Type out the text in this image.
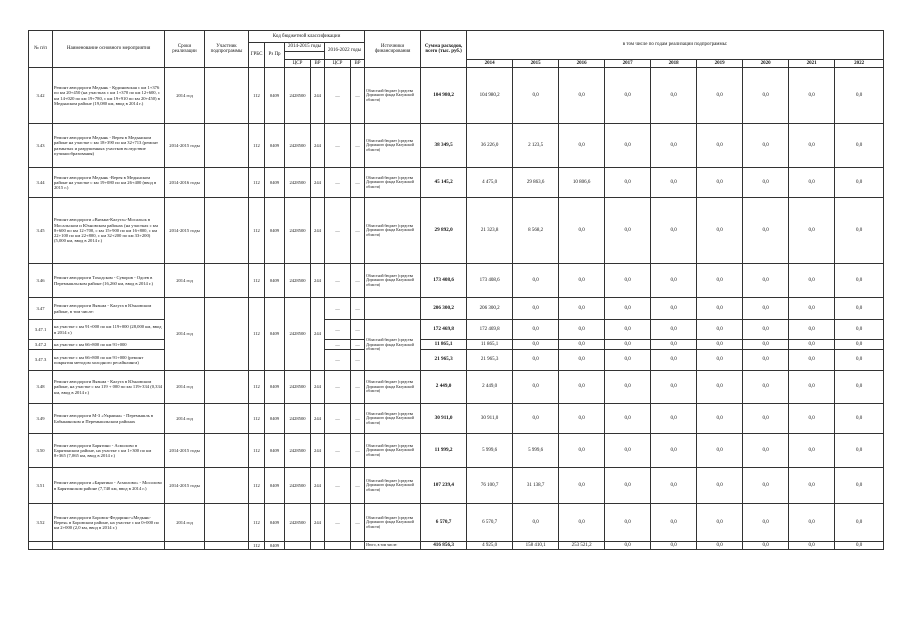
№ п/п	Наименование основного мероприятия	Сроки реализации	Участник подпрограммы	Код бюджетной классификации						Источники финансирования	Сумма расходов, всего (тыс. руб.)	в том числе по годам реализации подпрограммы:								
				ГРБС	Рз Пр	2014-2015 годы		2016-2022 годы												

						ЦСР	ВР	ЦСР	ВР			2014	2015	2016	2017	2018	2019	2020	2021	2022
3.42	Ремонт автодороги Медынь - Кудиновская с км 1+376 по км 20+450 (на участках с км 1+370 по км 12+600, с км 14+020 по км 19+780, с км 19+910 по км 20+450) в Медынском районе (19,080 км, ввод в 2014 г.)	2014 год		112	0409	2428500	244	—	—	Областной бюджет (средства Дорожного фонда Калужской области)	104 980,2	104 980,2	0,0	0,0	0,0	0,0	0,0	0,0	0,0	0,0
3.43	Ремонт автодороги Медынь - Верея в Медынском районе на участке с км 18+390 по км 32+713 (ремонт размытых и разрушенных участков вследствие пучинообразования)	2014-2015 годы		112	0409	2428500	244	—	—	Областной бюджет (средства Дорожного фонда Калужской области)	38 349,5	36 226,0	2 123,5	0,0	0,0	0,0	0,0	0,0	0,0	0,0
3.44	Ремонт автодороги Медынь -Верея в Медынском районе на участке с км 19+080 по км 26+400 (ввод в 2015 г.)	2014-2016 годы		112	0409	2428500	244	—	—	Областной бюджет (средства Дорожного фонда Калужской области)	45 145,2	4 475,0	29 863,6	10 806,6	0,0	0,0	0,0	0,0	0,0	0,0
3.45	Ремонт автодороги «Вязьма-Калуга»-Мосальск в Мосальском и Юхновском районах (на участках с км 8+600 по км 12+700, с км 15+900 по км 16+800, с км 22+100 по км 22+800, с км 32+200 по км 33+200) (5,000 км, ввод в 2014 г.)	2014-2015 годы		112	0409	2428500	244	—	—	Областной бюджет (средства Дорожного фонда Калужской области)	29 892,0	21 323,8	8 568,2	0,0	0,0	0,0	0,0	0,0	0,0	0,0
3.46	Ремонт автодороги Тоходском - Суворов - Одоев в Перемышльском районе (16,260 км, ввод в 2014 г.)	2014 год		112	0409	2428500	244	—	—	Областной бюджет (средства Дорожного фонда Калужской области)	173 408,6	173 408,6	0,0	0,0	0,0	0,0	0,0	0,0	0,0	0,0
3.47	Ремонт автодороги Вязьма - Калуга в Юхновском районе, в том числе:	2014 год		112	0409	2428500	244	—	—		206 300,2	206 300,2	0,0	0,0	0,0	0,0	0,0	0,0	0,0	0,0
3.47.1	на участке с км 91+000 по км 119+000 (28,000 км, ввод в 2014 г.)							—	—	Областной бюджет (средства Дорожного фонда Калужской области)	172 469,8	172 469,8	0,0	0,0	0,0	0,0	0,0	0,0	0,0	0,0
3.47.2	на участке с км 66+800 по км 91+000							—	—		11 865,1	11 865,1	0,0	0,0	0,0	0,0	0,0	0,0	0,0	0,0
3.47.3	на участке с км 66+800 по км 91+000 (ремонт покрытия методом холодного ресайклинга)							—	—		21 965,3	21 965,3	0,0	0,0	0,0	0,0	0,0	0,0	0,0	0,0
3.48	Ремонт автодороги Вязьма - Калуга в Юхновском районе, на участке с км 119 + 000 по км 119+334 (0,334 км, ввод в 2014 г.)	2014 год		112	0409	2428500	244	—	—	Областной бюджет (средства Дорожного фонда Калужской области)	2 449,0	2 449,0	0,0	0,0	0,0	0,0	0,0	0,0	0,0	0,0
3.49	Ремонт автодороги М-3 «Украина» - Перемышль в Бабынинском и Перемышльском районах	2014 год		112	0409	2428500	244	—	—	Областной бюджет (средства Дорожного фонда Калужской области)	30 911,0	30 911,0	0,0	0,0	0,0	0,0	0,0	0,0	0,0	0,0
3.50	Ремонт автодороги Барятино - Асмолово в Барятинском районе, на участке с км 1+300 по км 8+365 (7,065 км, ввод в 2014 г.)	2014-2015 годы		112	0409	2428500	244	—	—	Областной бюджет (средства Дорожного фонда Калужской области)	11 999,2	5 999,6	5 999,6	0,0	0,0	0,0	0,0	0,0	0,0	0,0
3.51	Ремонт автодороги «Барятино - Асмолово» - Мосолово в Барятинском районе (7,740 км, ввод в 2014 г.)	2014-2015 годы		112	0409	2428500	244	—	—	Областной бюджет (средства Дорожного фонда Калужской области)	107 239,4	76 100,7	31 138,7	0,0	0,0	0,0	0,0	0,0	0,0	0,0
3.52	Ремонт автодороги Боровск-Федорино-«Медынь-Верея» в Боровском районе, на участке с км 0+000 по км 2+000 (2,0 км, ввод в 2014 г.)	2014 год		112	0409	2428500	244	—	—	Областной бюджет (средства Дорожного фонда Калужской области)	6 570,7	6 570,7	0,0	0,0	0,0	0,0	0,0	0,0	0,0	0,0
				112	0409					Итого, в том числе:	416 856,3	4 925,0	158 410,1	253 521,2	0,0	0,0	0,0	0,0	0,0	0,0
